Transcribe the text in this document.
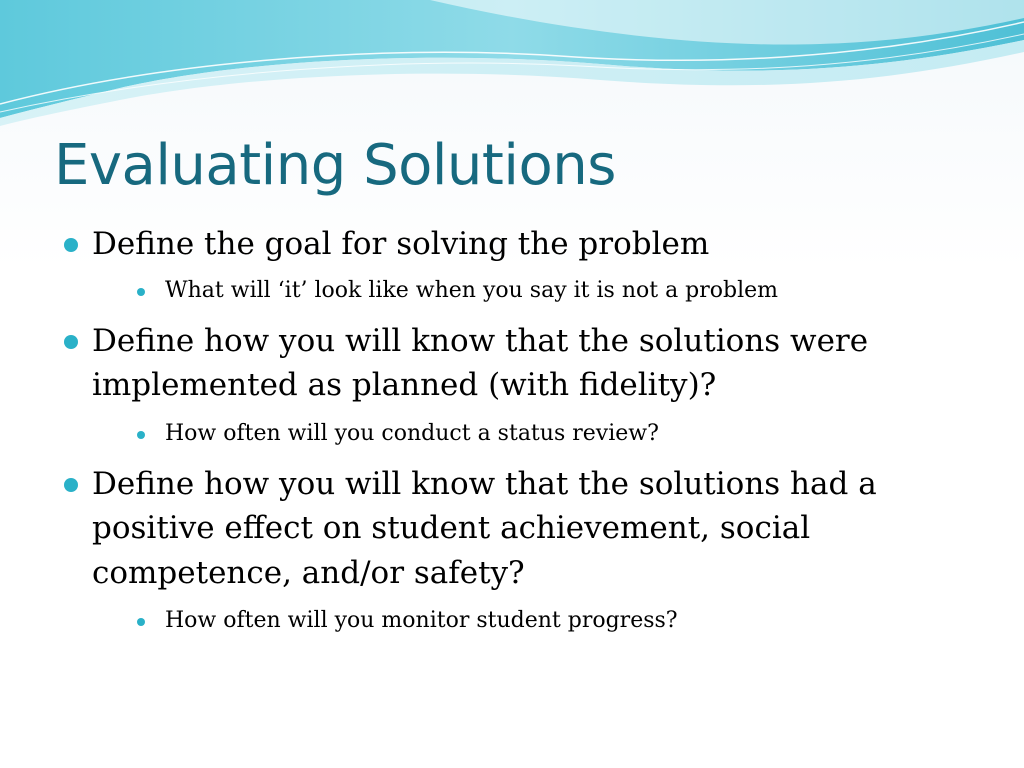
Evaluating Solutions

Define the goal for solving the problem

What will ‘it’ look like when you say it is not a problem

Define how you will know that the solutions were implemented as planned (with fidelity)?

How often will you conduct a status review?

Define how you will know that the solutions had a positive effect on student achievement, social competence, and/or safety?

How often will you monitor student progress?
